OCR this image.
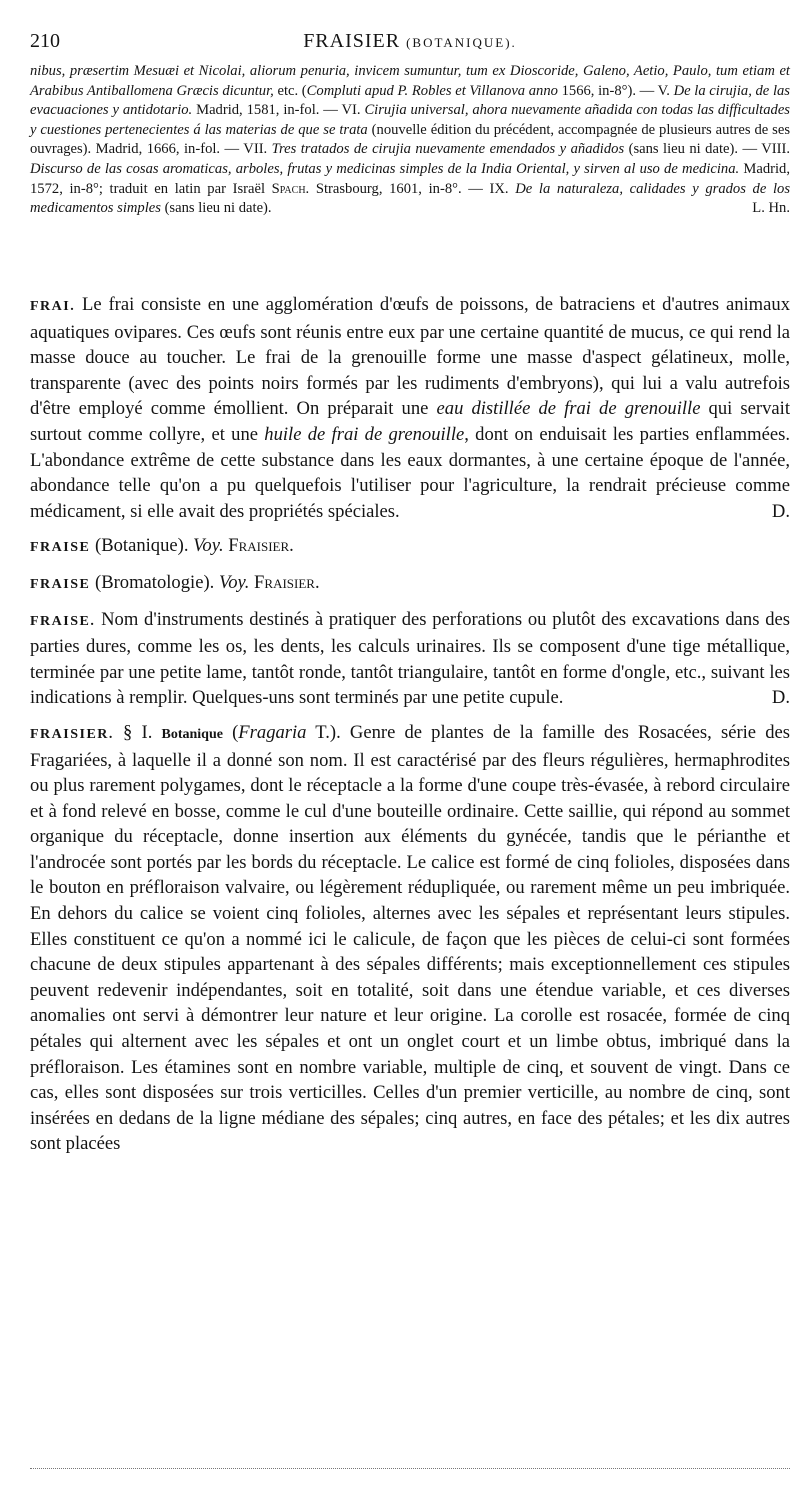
210	FRAISIER (BOTANIQUE).
nibus, præsertim Mesuæi et Nicolai, aliorum penuria, invicem sumuntur, tum ex Dioscoride, Galeno, Aetio, Paulo, tum etiam et Arabibus Antiballomena Græcis dicuntur, etc. (Compluti apud P. Robles et Villanova anno 1566, in-8°). — V. De la cirujia, de las evacuaciones y antidotario. Madrid, 1581, in-fol. — VI. Cirujia universal, ahora nuevamente añadida con todas las difficultades y cuestiones pertenecientes á las materias de que se trata (nouvelle édition du précédent, accompagnée de plusieurs autres de ses ouvrages). Madrid, 1666, in-fol. — VII. Tres tratados de cirujia nuevamente emendados y añadidos (sans lieu ni date). — VIII. Discurso de las cosas aromaticas, arboles, frutas y medicinas simples de la India Oriental, y sirven al uso de medicina. Madrid, 1572, in-8°; traduit en latin par Israël Spach. Strasbourg, 1601, in-8°. — IX. De la naturaleza, calidades y grados de los medicamentos simples (sans lieu ni date).	L. Hn.

FRAI. Le frai consiste en une agglomération d'œufs de poissons, de batraciens et d'autres animaux aquatiques ovipares. Ces œufs sont réunis entre eux par une certaine quantité de mucus, ce qui rend la masse douce au toucher. Le frai de la grenouille forme une masse d'aspect gélatineux, molle, transparente (avec des points noirs formés par les rudiments d'embryons), qui lui a valu autrefois d'être employé comme émollient. On préparait une eau distillée de frai de grenouille qui servait surtout comme collyre, et une huile de frai de grenouille, dont on enduisait les parties enflammées. L'abondance extrême de cette substance dans les eaux dormantes, à une certaine époque de l'année, abondance telle qu'on a pu quelquefois l'utiliser pour l'agriculture, la rendrait précieuse comme médicament, si elle avait des propriétés spéciales.	D.

FRAISE (Botanique). Voy. Fraisier.

FRAISE (Bromatologie). Voy. Fraisier.

FRAISE. Nom d'instruments destinés à pratiquer des perforations ou plutôt des excavations dans des parties dures, comme les os, les dents, les calculs urinaires. Ils se composent d'une tige métallique, terminée par une petite lame, tantôt ronde, tantôt triangulaire, tantôt en forme d'ongle, etc., suivant les indications à remplir. Quelques-uns sont terminés par une petite cupule.	D.

FRAISIER. § I. Botanique (Fragaria T.). Genre de plantes de la famille des Rosacées, série des Fragariées, à laquelle il a donné son nom. Il est caractérisé par des fleurs régulières, hermaphrodites ou plus rarement polygames, dont le réceptacle a la forme d'une coupe très-évasée, à rebord circulaire et à fond relevé en bosse, comme le cul d'une bouteille ordinaire. Cette saillie, qui répond au sommet organique du réceptacle, donne insertion aux éléments du gynécée, tandis que le périanthe et l'androcée sont portés par les bords du réceptacle. Le calice est formé de cinq folioles, disposées dans le bouton en préfloraison valvaire, ou légèrement rédupliquée, ou rarement même un peu imbriquée. En dehors du calice se voient cinq folioles, alternes avec les sépales et représentant leurs stipules. Elles constituent ce qu'on a nommé ici le calicule, de façon que les pièces de celui-ci sont formées chacune de deux stipules appartenant à des sépales différents; mais exceptionnellement ces stipules peuvent redevenir indépendantes, soit en totalité, soit dans une étendue variable, et ces diverses anomalies ont servi à démontrer leur nature et leur origine. La corolle est rosacée, formée de cinq pétales qui alternent avec les sépales et ont un onglet court et un limbe obtus, imbriqué dans la préfloraison. Les étamines sont en nombre variable, multiple de cinq, et souvent de vingt. Dans ce cas, elles sont disposées sur trois verticilles. Celles d'un premier verticille, au nombre de cinq, sont insérées en dedans de la ligne médiane des sépales; cinq autres, en face des pétales; et les dix autres sont placées
